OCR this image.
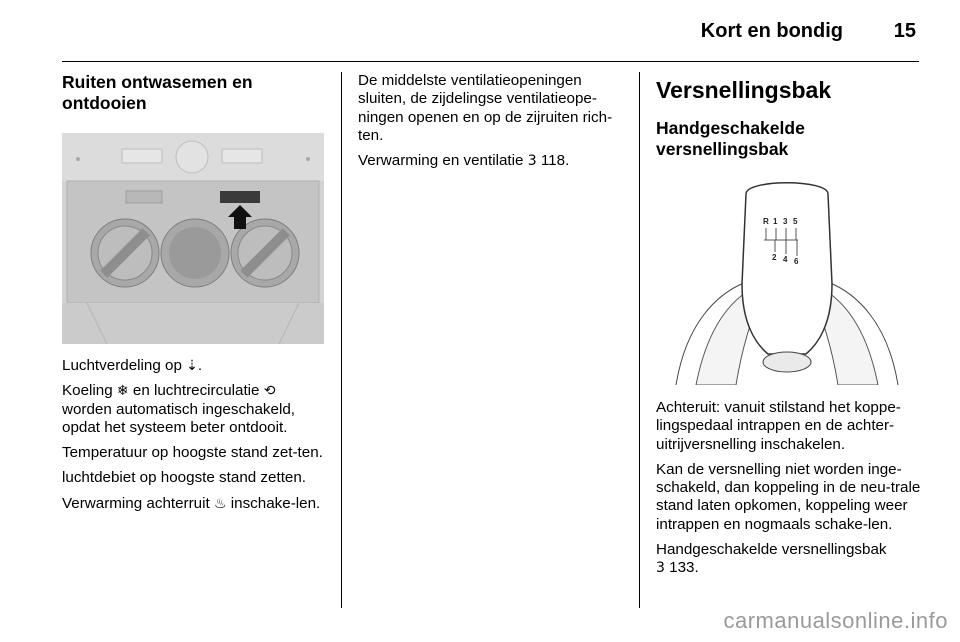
Kort en bondig	15
Ruiten ontwasemen en ontdooien

Luchtverdeling op ⇣.

Koeling ❄ en luchtrecirculatie ⟲ worden automatisch ingeschakeld, opdat het systeem beter ontdooit.

Temperatuur op hoogste stand zet-ten.

luchtdebiet op hoogste stand zetten.

Verwarming achterruit ♨ inschake-len.

De middelste ventilatieopeningen sluiten, de zijdelingse ventilatieope-ningen openen en op de zijruiten rich-ten.

Verwarming en ventilatie 3 118.

Versnellingsbak
Handgeschakelde
versnellingsbak
R 1 3 5
2 4 6

Achteruit: vanuit stilstand het koppe-lingspedaal intrappen en de achter-uitrijversnelling inschakelen.

Kan de versnelling niet worden inge-schakeld, dan koppeling in de neu-trale stand laten opkomen, koppeling weer intrappen en nogmaals schake-len.

Handgeschakelde versnellingsbak
3 133.

carmanualsonline.info
